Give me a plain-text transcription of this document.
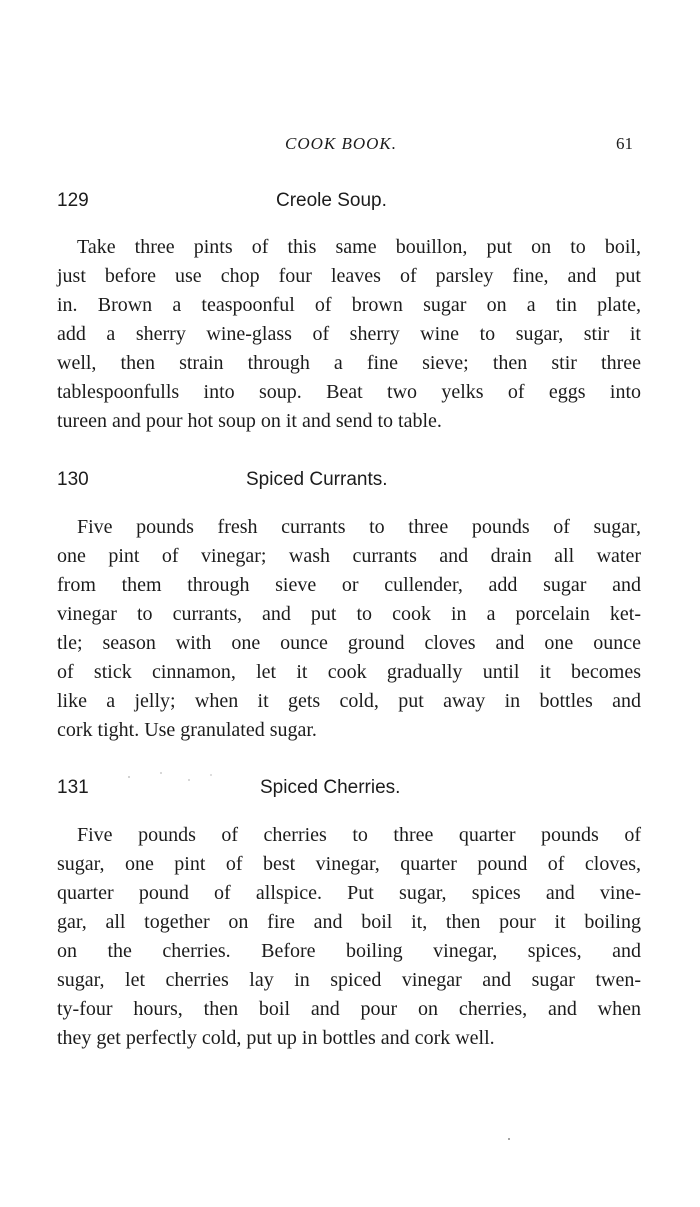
COOK BOOK.	61
129	Creole Soup.
Take three pints of this same bouillon, put on to boil,
just before use chop four leaves of parsley fine, and put
in. Brown a teaspoonful of brown sugar on a tin plate,
add a sherry wine-glass of sherry wine to sugar, stir it
well, then strain through a fine sieve; then stir three
tablespoonfulls into soup. Beat two yelks of eggs into
tureen and pour hot soup on it and send to table.
130	Spiced Currants.
Five pounds fresh currants to three pounds of sugar,
one pint of vinegar; wash currants and drain all water
from them through sieve or cullender, add sugar and
vinegar to currants, and put to cook in a porcelain ket-
tle; season with one ounce ground cloves and one ounce
of stick cinnamon, let it cook gradually until it becomes
like a jelly; when it gets cold, put away in bottles and
cork tight. Use granulated sugar.
131	Spiced Cherries.
Five pounds of cherries to three quarter pounds of
sugar, one pint of best vinegar, quarter pound of cloves,
quarter pound of allspice. Put sugar, spices and vine-
gar, all together on fire and boil it, then pour it boiling
on the cherries. Before boiling vinegar, spices, and
sugar, let cherries lay in spiced vinegar and sugar twen-
ty-four hours, then boil and pour on cherries, and when
they get perfectly cold, put up in bottles and cork well.
